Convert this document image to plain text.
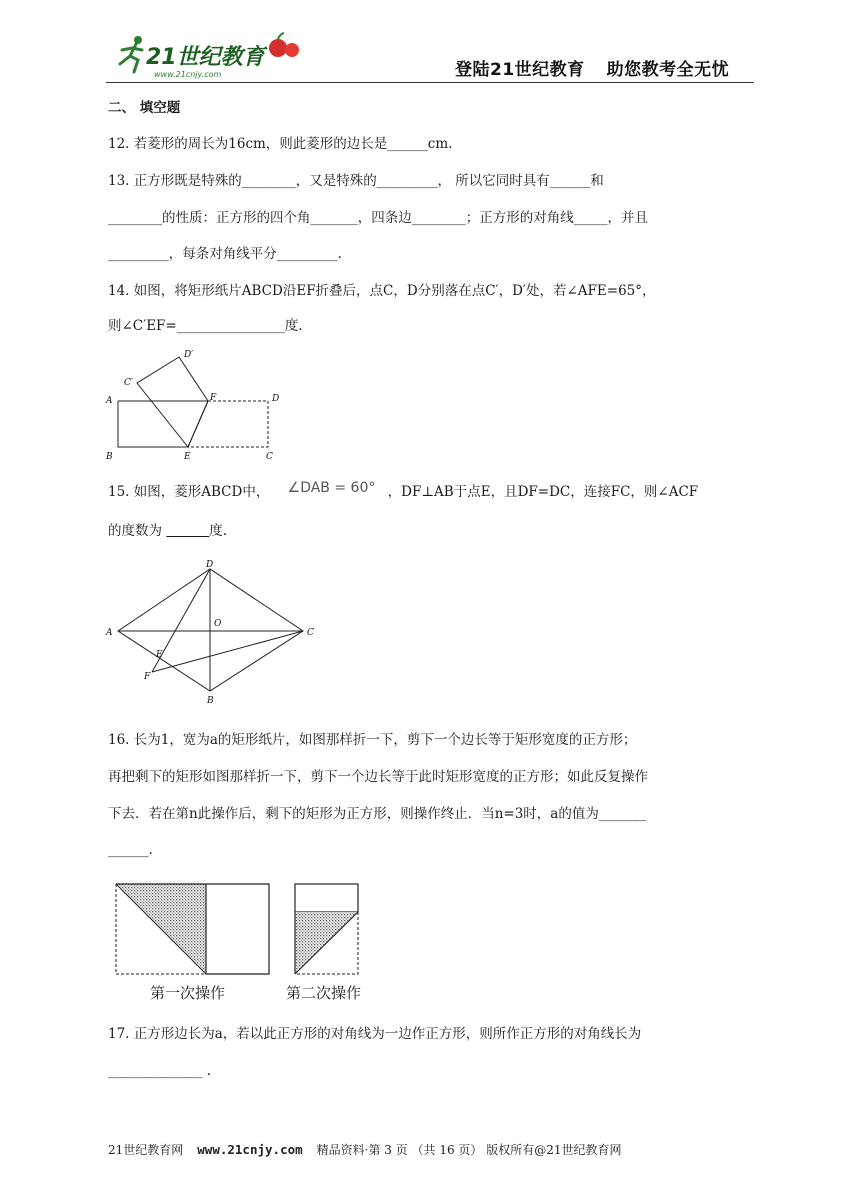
21世纪教育
www.21cnjy.com	登陆21世纪教育 助您教考全无忧
二、 填空题
12. 若菱形的周长为16cm，则此菱形的边长是______cm.
13. 正方形既是特殊的________，又是特殊的_________， 所以它同时具有______和
________的性质：正方形的四个角_______，四条边________；正方形的对角线_____，并且
_________，每条对角线平分_________.
14. 如图，将矩形纸片ABCD沿EF折叠后，点C，D分别落在点C′，D′处，若∠AFE=65°，
则∠C′EF=________________度.
A
B	C
D
E
F
C′
D′
15. 如图，菱形ABCD中， ∠DAB = 60° ，DF⊥AB于点E，且DF=DC，连接FC，则∠ACF
的度数为	度.
A
B
C
D
E
F
O
16. 长为1，宽为a的矩形纸片，如图那样折一下，剪下一个边长等于矩形宽度的正方形；
再把剩下的矩形如图那样折一下，剪下一个边长等于此时矩形宽度的正方形；如此反复操作
下去．若在第n此操作后，剩下的矩形为正方形，则操作终止．当n=3时，a的值为_______
______.
第一次操作	第二次操作
17. 正方形边长为a，若以此正方形的对角线为一边作正方形，则所作正方形的对角线长为
______________ .
21世纪教育网 www.21cnjy.com 精品资料·第 3 页 （共 16 页） 版权所有@21世纪教育网
